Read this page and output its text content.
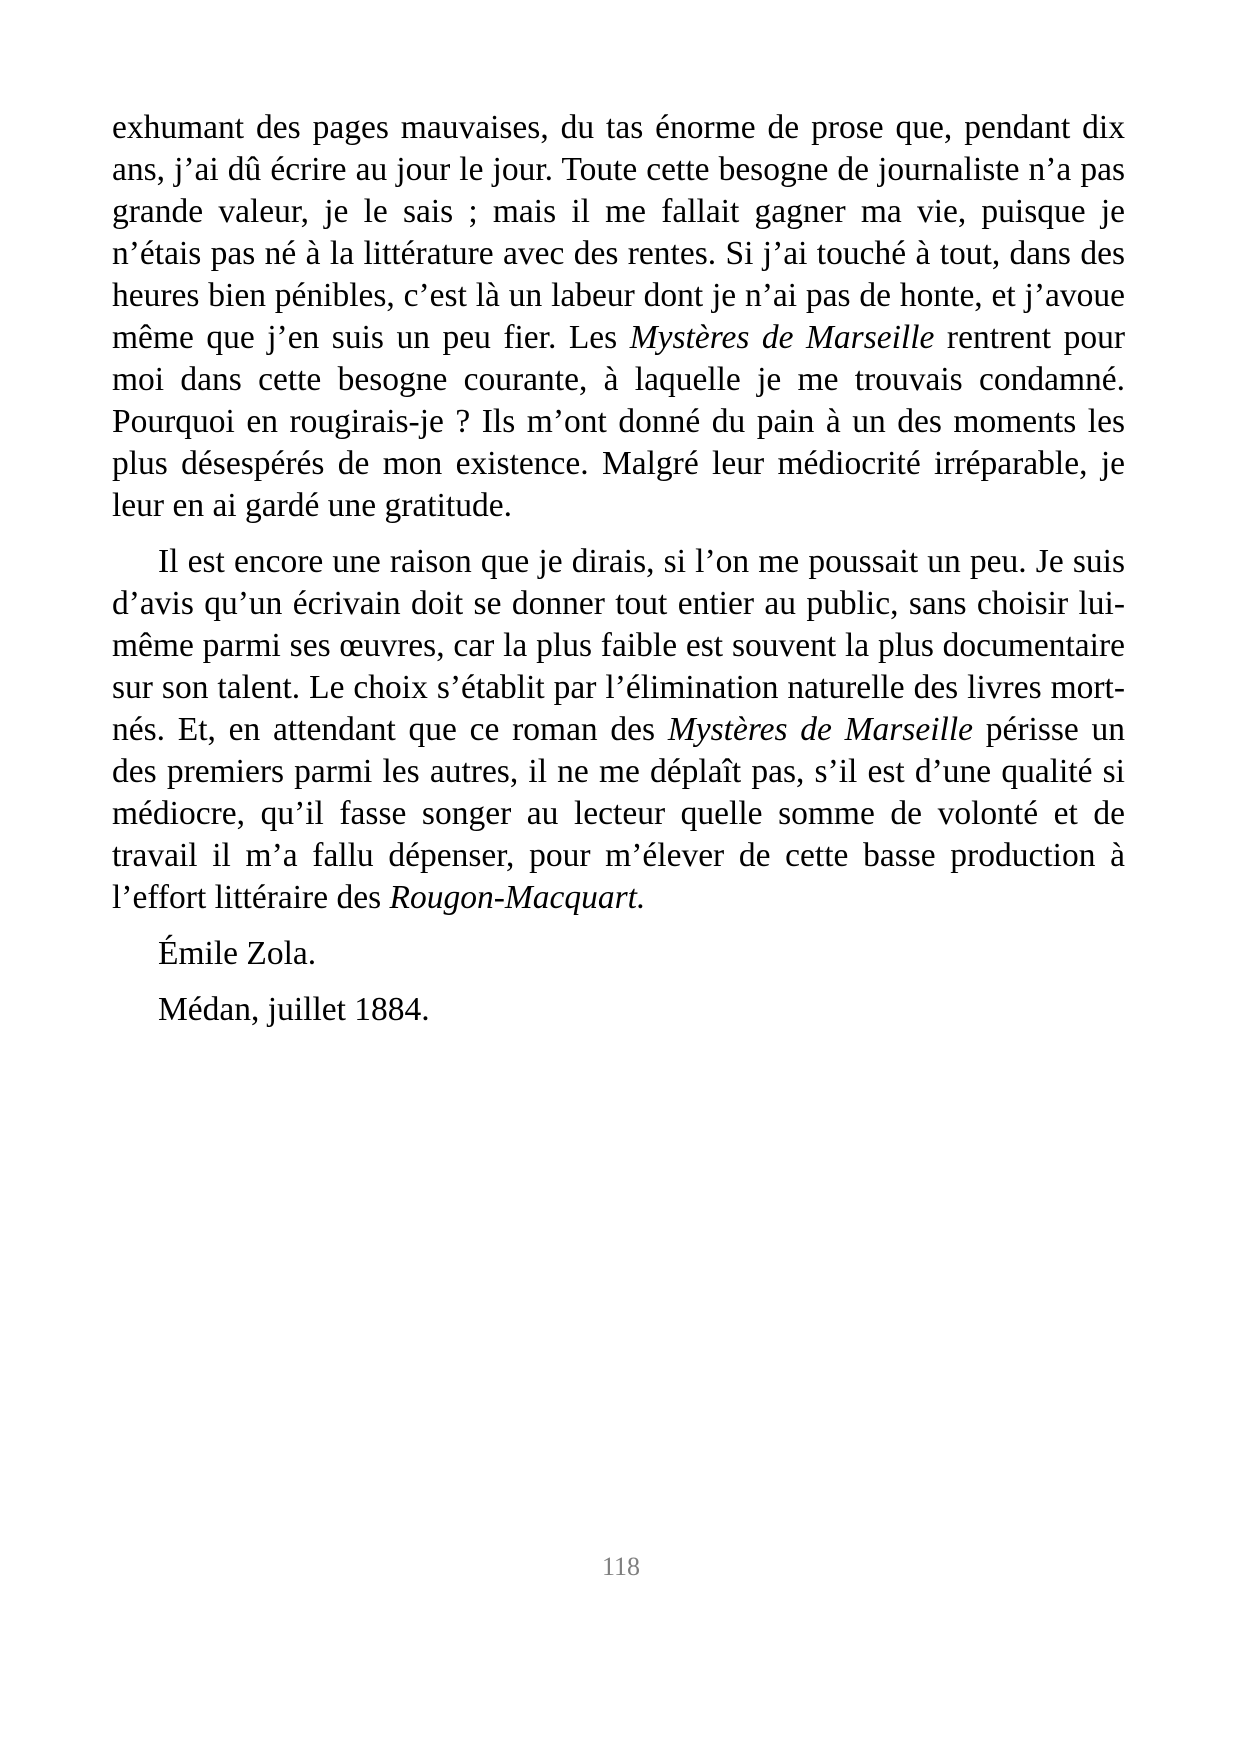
exhumant des pages mauvaises, du tas énorme de prose que, pendant dix ans, j’ai dû écrire au jour le jour. Toute cette besogne de journaliste n’a pas grande valeur, je le sais ; mais il me fallait gagner ma vie, puisque je n’étais pas né à la littérature avec des rentes. Si j’ai touché à tout, dans des heures bien pénibles, c’est là un labeur dont je n’ai pas de honte, et j’avoue même que j’en suis un peu fier. Les Mystères de Marseille rentrent pour moi dans cette besogne courante, à laquelle je me trouvais condamné. Pourquoi en rougirais-je ? Ils m’ont donné du pain à un des moments les plus désespérés de mon existence. Malgré leur médiocrité irréparable, je leur en ai gardé une gratitude.

Il est encore une raison que je dirais, si l’on me poussait un peu. Je suis d’avis qu’un écrivain doit se donner tout entier au public, sans choisir lui-même parmi ses œuvres, car la plus faible est souvent la plus documentaire sur son talent. Le choix s’établit par l’élimination naturelle des livres mort-nés. Et, en attendant que ce roman des Mystères de Marseille périsse un des premiers parmi les autres, il ne me déplaît pas, s’il est d’une qualité si médiocre, qu’il fasse songer au lecteur quelle somme de volonté et de travail il m’a fallu dépenser, pour m’élever de cette basse production à l’effort littéraire des Rougon-Macquart.

Émile Zola.

Médan, juillet 1884.

118
